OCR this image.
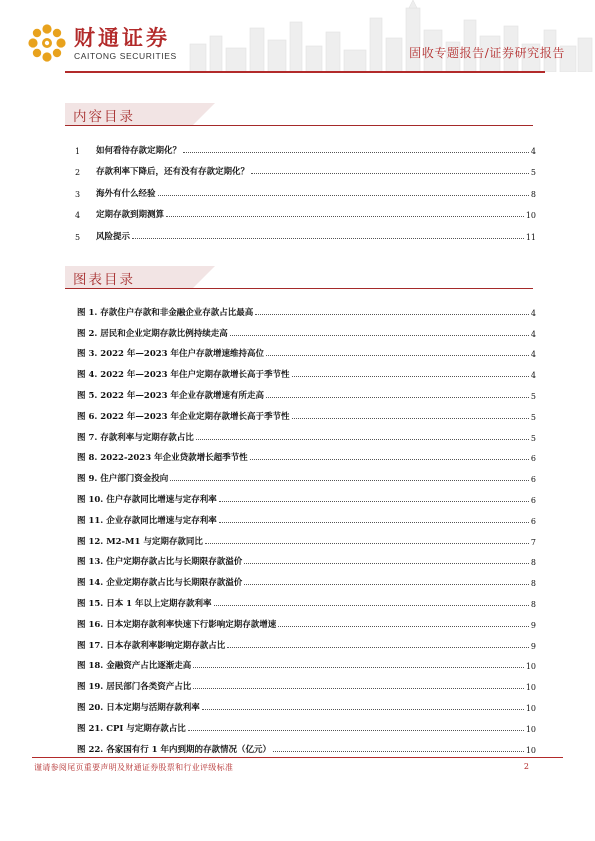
财通证券
CAITONG SECURITIES	固收专题报告/证券研究报告
内容目录
1	如何看待存款定期化？	4
2	存款利率下降后，还有没有存款定期化？	5
3	海外有什么经验	8
4	定期存款到期测算	10
5	风险提示	11
图表目录
图 1. 存款住户存款和非金融企业存款占比最高	4
图 2. 居民和企业定期存款比例持续走高	4
图 3. 2022 年—2023 年住户存款增速维持高位	4
图 4. 2022 年—2023 年住户定期存款增长高于季节性	4
图 5. 2022 年—2023 年企业存款增速有所走高	5
图 6. 2022 年—2023 年企业定期存款增长高于季节性	5
图 7. 存款利率与定期存款占比	5
图 8. 2022-2023 年企业贷款增长超季节性	6
图 9. 住户部门资金投向	6
图 10. 住户存款同比增速与定存利率	6
图 11. 企业存款同比增速与定存利率	6
图 12. M2-M1 与定期存款同比	7
图 13. 住户定期存款占比与长期限存款溢价	8
图 14. 企业定期存款占比与长期限存款溢价	8
图 15. 日本 1 年以上定期存款利率	8
图 16. 日本定期存款利率快速下行影响定期存款增速	9
图 17. 日本存款利率影响定期存款占比	9
图 18. 金融资产占比逐渐走高	10
图 19. 居民部门各类资产占比	10
图 20. 日本定期与活期存款利率	10
图 21. CPI 与定期存款占比	10
图 22. 各家国有行 1 年内到期的存款情况（亿元）	10
谨请参阅尾页重要声明及财通证券股票和行业评级标准	2
